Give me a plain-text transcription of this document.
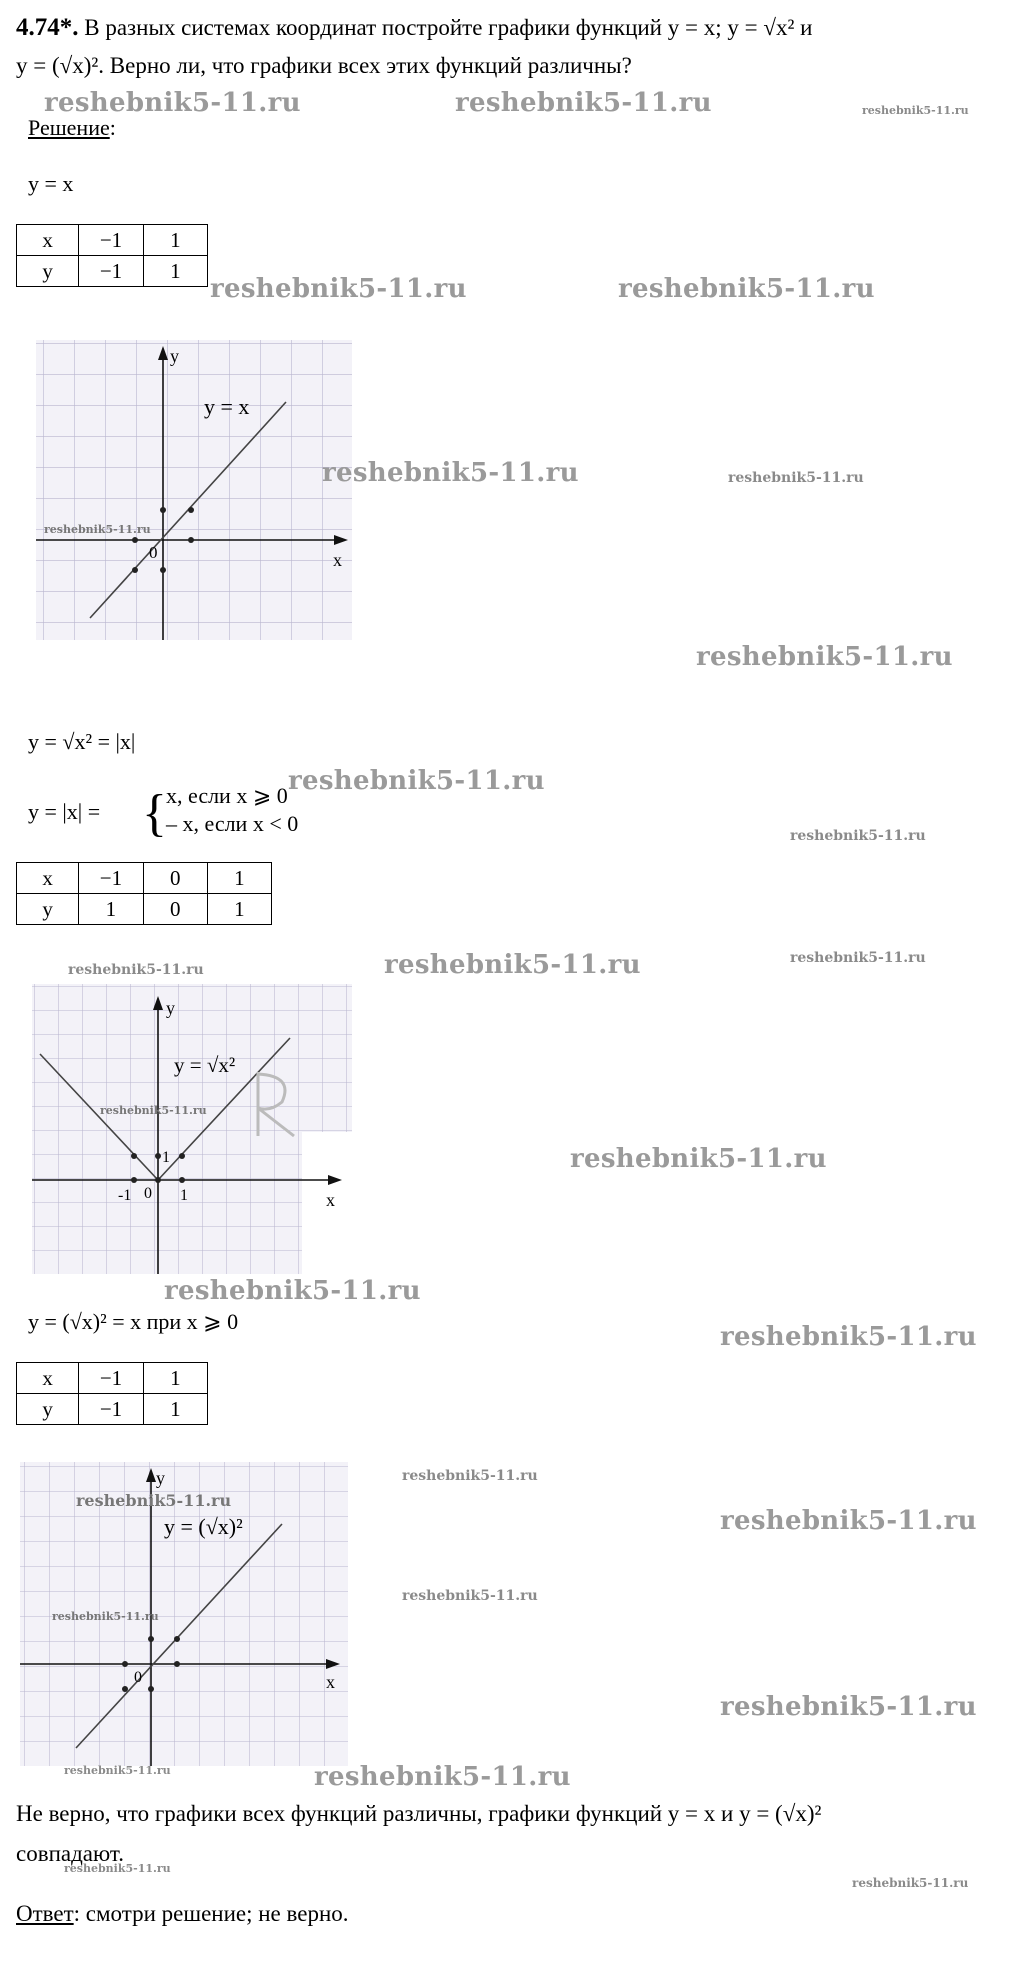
4.74*. В разных системах координат постройте графики функций y = x; y = √x² и
y = (√x)². Верно ли, что графики всех этих функций различны?
reshebnik5-11.ru	reshebnik5-11.ru	reshebnik5-11.ru
Решение:
y = x
x	−1	1
y	−1	1
reshebnik5-11.ru	reshebnik5-11.ru
y
x
0
y = x
reshebnik5-11.ru
reshebnik5-11.ru	reshebnik5-11.ru
reshebnik5-11.ru
y = √x² = |x|
y = |x| = { x, если x ⩾ 0
– x, если x < 0
reshebnik5-11.ru
reshebnik5-11.ru
x	−1	0	1
y	1	0	1
reshebnik5-11.ru	reshebnik5-11.ru	reshebnik5-11.ru
y
x
0
-1	1
1
y = √x²
reshebnik5-11.ru
reshebnik5-11.ru
reshebnik5-11.ru
y = (√x)² = x при x ⩾ 0
reshebnik5-11.ru
x	−1	1
y	−1	1
y
x
0
y = (√x)²
reshebnik5-11.ru
reshebnik5-11.ru
reshebnik5-11.ru
reshebnik5-11.ru
reshebnik5-11.ru
reshebnik5-11.ru
reshebnik5-11.ru	reshebnik5-11.ru
Не верно, что графики всех функций различны, графики функций y = x и y = (√x)²
совпадают.
reshebnik5-11.ru
reshebnik5-11.ru
Ответ: смотри решение; не верно.
